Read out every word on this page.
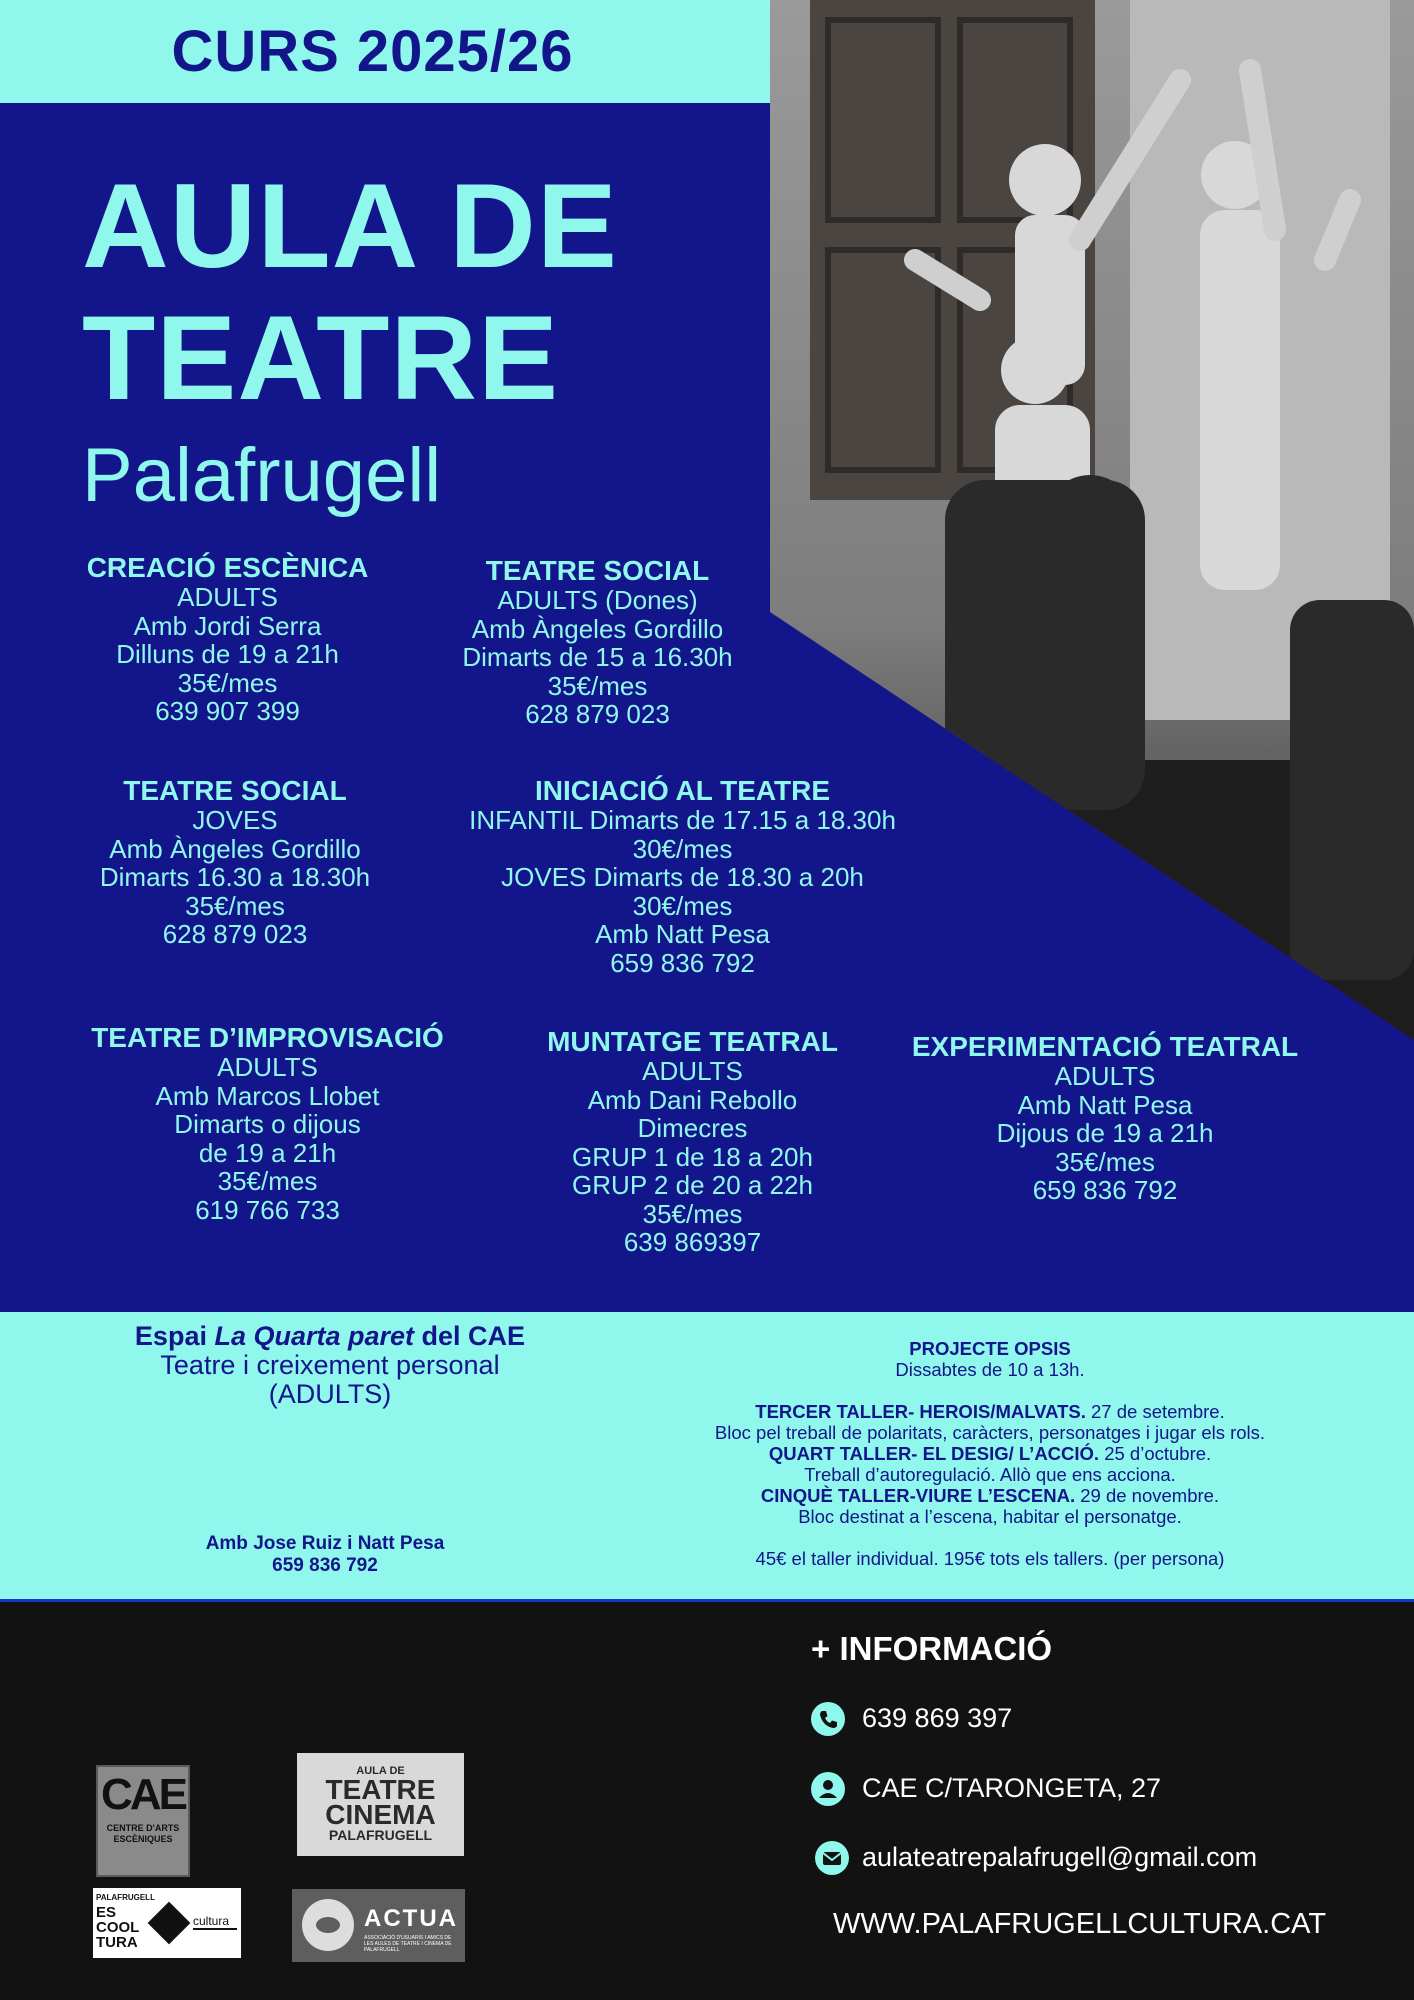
CURS 2025/26
AULA DE
TEATRE
Palafrugell
CREACIÓ ESCÈNICA
ADULTS
Amb Jordi Serra
Dilluns de 19 a 21h
35€/mes
639 907 399
TEATRE SOCIAL
ADULTS (Dones)
Amb Àngeles Gordillo
Dimarts de 15 a 16.30h
35€/mes
628 879 023
TEATRE SOCIAL
JOVES
Amb Àngeles Gordillo
Dimarts 16.30 a 18.30h
35€/mes
628 879 023
INICIACIÓ AL TEATRE
INFANTIL Dimarts de 17.15 a 18.30h
30€/mes
JOVES Dimarts de 18.30 a 20h
30€/mes
Amb Natt Pesa
659 836 792
TEATRE D’IMPROVISACIÓ
ADULTS
Amb Marcos Llobet
Dimarts o dijous
de 19 a 21h
35€/mes
619 766 733
MUNTATGE TEATRAL
ADULTS
Amb Dani Rebollo
Dimecres
GRUP 1 de 18 a 20h
GRUP 2 de 20 a 22h
35€/mes
639 869397
EXPERIMENTACIÓ TEATRAL
ADULTS
Amb Natt Pesa
Dijous de 19 a 21h
35€/mes
659 836 792
Espai La Quarta paret del CAE
Teatre i creixement personal
(ADULTS)
Amb Jose Ruiz i Natt Pesa
659 836 792
PROJECTE OPSIS
Dissabtes de 10 a 13h.
TERCER TALLER- HEROIS/MALVATS. 27 de setembre.
Bloc pel treball de polaritats, caràcters, personatges i jugar els rols.
QUART TALLER- EL DESIG/ L’ACCIÓ. 25 d’octubre.
Treball d’autoregulació. Allò que ens acciona.
CINQUÈ TALLER-VIURE L’ESCENA. 29 de novembre.
Bloc destinat a l’escena, habitar el personatge.
45€ el taller individual. 195€ tots els tallers. (per persona)
+ INFORMACIÓ
639 869 397
CAE C/TARONGETA, 27
aulateatrepalafrugell@gmail.com
WWW.PALAFRUGELLCULTURA.CAT
CAE
CENTRE D'ARTS
ESCÈNIQUES
AULA DE
TEATRE
CINEMA
PALAFRUGELL
PALAFRUGELL
ES
COOL
TURA
cultura	ACTUA
ASSOCIACIÓ D'USUARIS I AMICS DE LES AULES DE TEATRE I CINEMA DE PALAFRUGELL
